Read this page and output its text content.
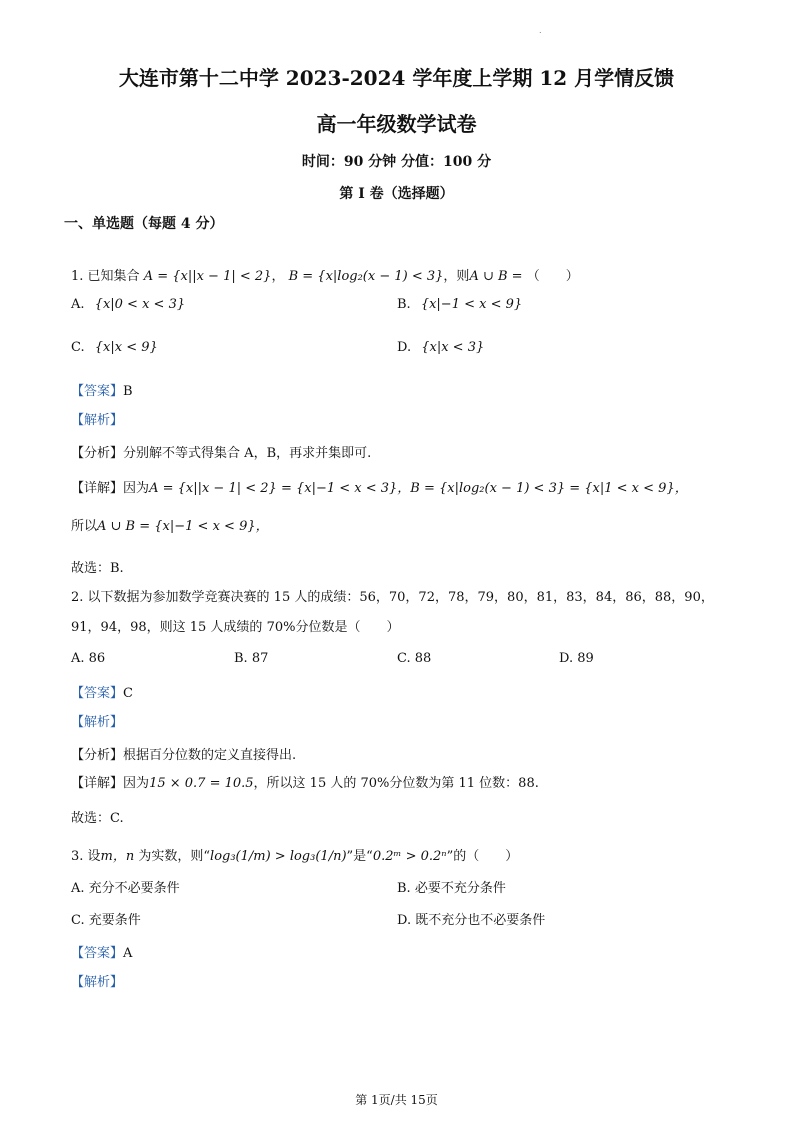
.
大连市第十二中学 2023-2024 学年度上学期 12 月学情反馈
高一年级数学试卷
时间：90 分钟 分值：100 分
第 I 卷（选择题）
一、单选题（每题 4 分）
1. 已知集合 A = {x||x − 1| < 2}， B = {x|log₂(x − 1) < 3}，则A ∪ B = （　　）
A. {x|0 < x < 3}	B. {x|−1 < x < 9}
C. {x|x < 9}	D. {x|x < 3}
【答案】B
【解析】
【分析】分别解不等式得集合 A，B，再求并集即可.
【详解】因为A = {x||x − 1| < 2} = {x|−1 < x < 3}，B = {x|log₂(x − 1) < 3} = {x|1 < x < 9}，
所以A ∪ B = {x|−1 < x < 9}，
故选：B.
2. 以下数据为参加数学竞赛决赛的 15 人的成绩：56，70，72，78，79，80，81，83，84，86，88，90，
91，94，98，则这 15 人成绩的 70%分位数是（　　）
A. 86	B. 87	C. 88	D. 89
【答案】C
【解析】
【分析】根据百分位数的定义直接得出.
【详解】因为15 × 0.7 = 10.5，所以这 15 人的 70%分位数为第 11 位数：88.
故选：C.
3. 设m，n 为实数，则“log₃(1/m) > log₃(1/n)”是“0.2ᵐ > 0.2ⁿ”的（　　）
A. 充分不必要条件	B. 必要不充分条件
C. 充要条件	D. 既不充分也不必要条件
【答案】A
【解析】
第 1页/共 15页
